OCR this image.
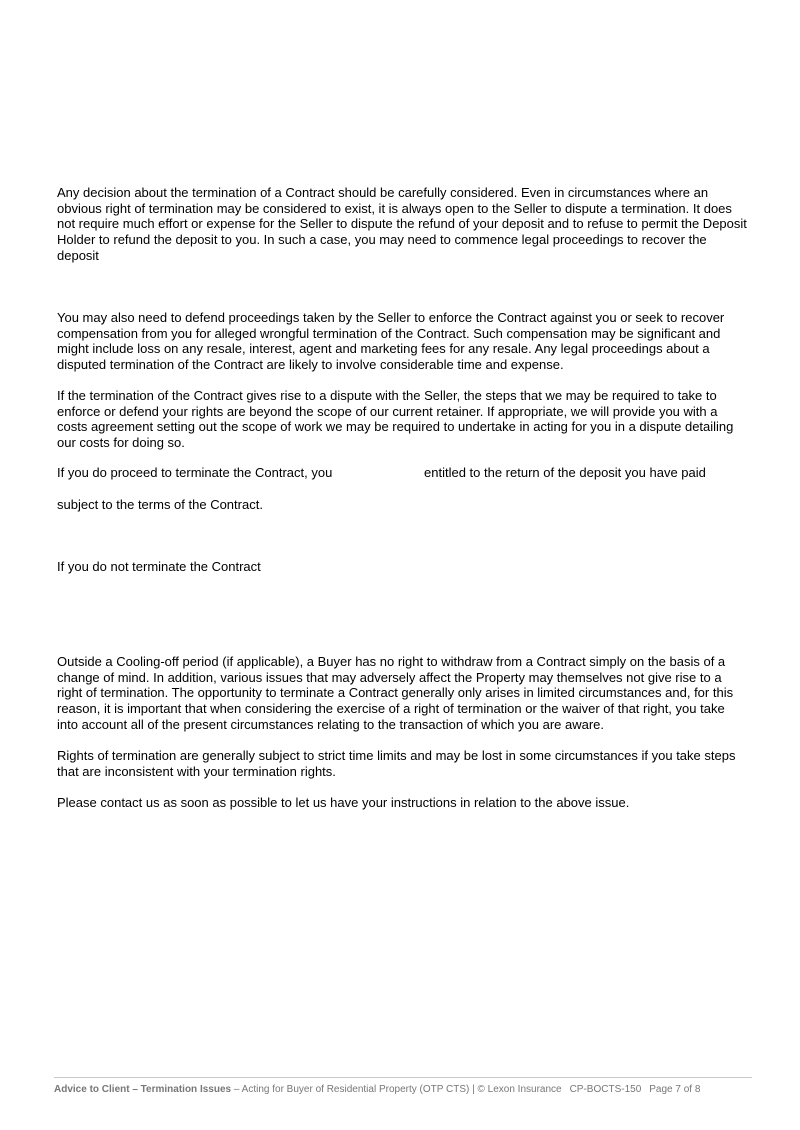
Any decision about the termination of a Contract should be carefully considered. Even in circumstances where an obvious right of termination may be considered to exist, it is always open to the Seller to dispute a termination. It does not require much effort or expense for the Seller to dispute the refund of your deposit and to refuse to permit the Deposit Holder to refund the deposit to you. In such a case, you may need to commence legal proceedings to recover the deposit

You may also need to defend proceedings taken by the Seller to enforce the Contract against you or seek to recover compensation from you for alleged wrongful termination of the Contract. Such compensation may be significant and might include loss on any resale, interest, agent and marketing fees for any resale. Any legal proceedings about a disputed termination of the Contract are likely to involve considerable time and expense.

If the termination of the Contract gives rise to a dispute with the Seller, the steps that we may be required to take to enforce or defend your rights are beyond the scope of our current retainer. If appropriate, we will provide you with a costs agreement setting out the scope of work we may be required to undertake in acting for you in a dispute detailing our costs for doing so.

If you do proceed to terminate the Contract, you	entitled to the return of the deposit you have paid

subject to the terms of the Contract.

If you do not terminate the Contract

Outside a Cooling-off period (if applicable), a Buyer has no right to withdraw from a Contract simply on the basis of a change of mind. In addition, various issues that may adversely affect the Property may themselves not give rise to a right of termination. The opportunity to terminate a Contract generally only arises in limited circumstances and, for this reason, it is important that when considering the exercise of a right of termination or the waiver of that right, you take into account all of the present circumstances relating to the transaction of which you are aware.

Rights of termination are generally subject to strict time limits and may be lost in some circumstances if you take steps that are inconsistent with your termination rights.

Please contact us as soon as possible to let us have your instructions in relation to the above issue.

Advice to Client – Termination Issues – Acting for Buyer of Residential Property (OTP CTS) | © Lexon Insurance CP-BOCTS-150 Page 7 of 8
